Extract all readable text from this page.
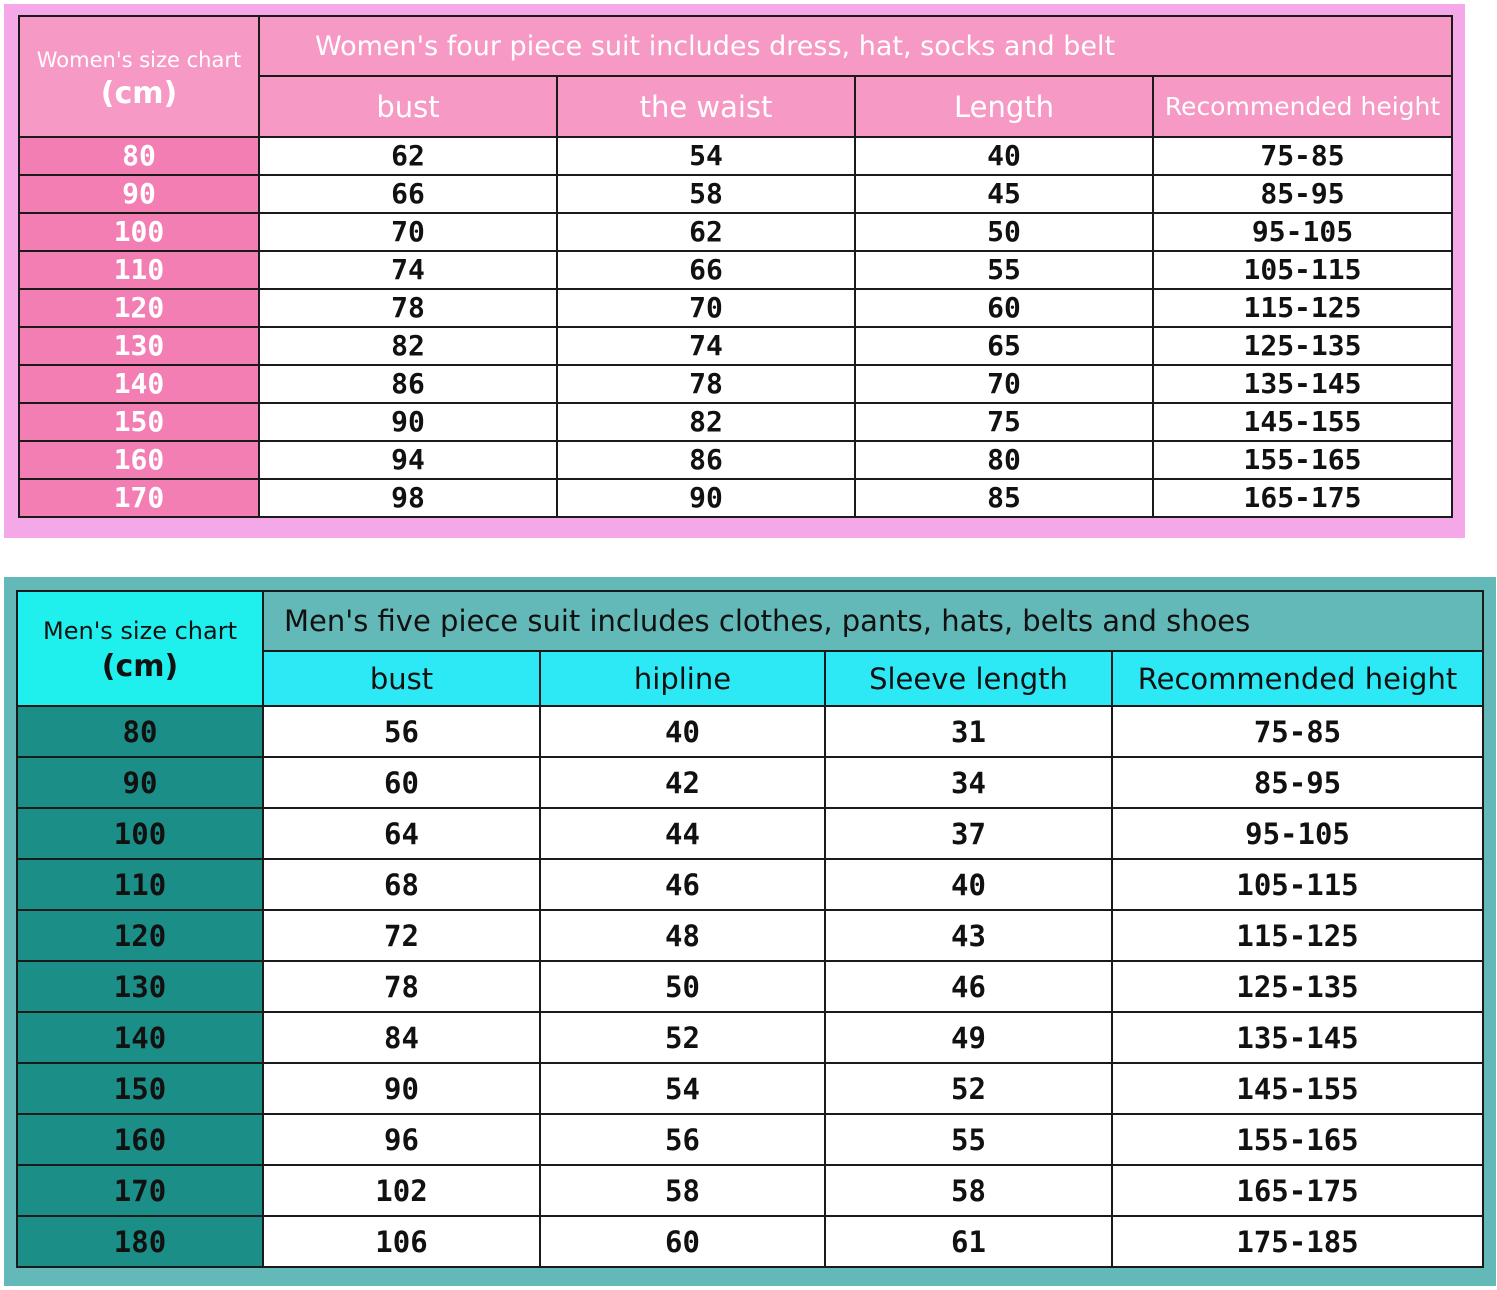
Women's size chart
(cm)	Women's four piece suit includes dress, hat, socks and belt			
	bust	the waist	Length	Recommended height
80	62	54	40	75-85
90	66	58	45	85-95
100	70	62	50	95-105
110	74	66	55	105-115
120	78	70	60	115-125
130	82	74	65	125-135
140	86	78	70	135-145
150	90	82	75	145-155
160	94	86	80	155-165
170	98	90	85	165-175
Men's size chart
(cm)	Men's five piece suit includes clothes, pants, hats, belts and shoes			
	bust	hipline	Sleeve length	Recommended height
80	56	40	31	75-85
90	60	42	34	85-95
100	64	44	37	95-105
110	68	46	40	105-115
120	72	48	43	115-125
130	78	50	46	125-135
140	84	52	49	135-145
150	90	54	52	145-155
160	96	56	55	155-165
170	102	58	58	165-175
180	106	60	61	175-185
